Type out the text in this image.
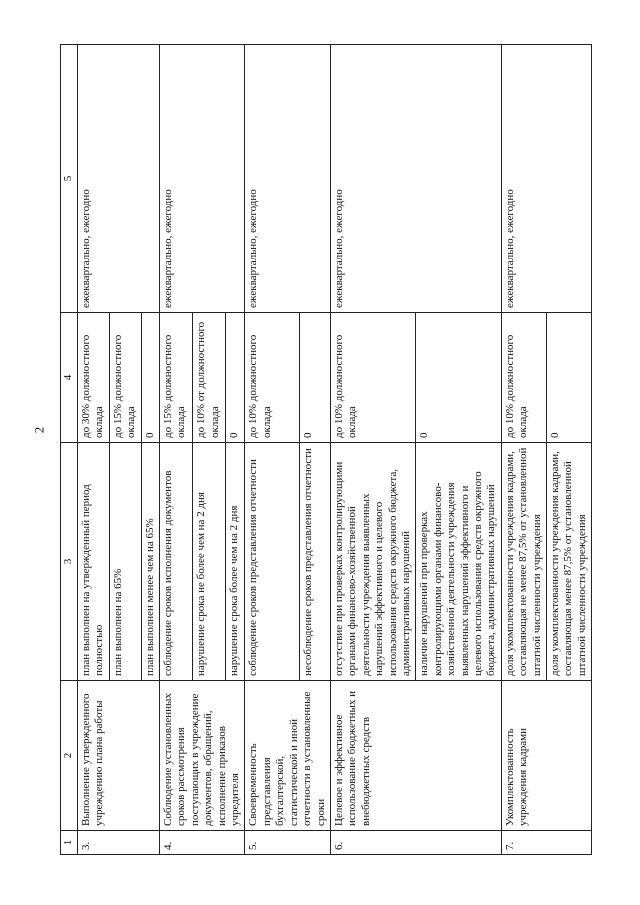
2
1	2	3	4	5
3.	Выполнение утвержденного учреждению плана работы	план выполнен на утвержденный период полностью	до 30% должностного оклада	ежеквартально, ежегодно
		план выполнен на 65%	до 15% должностного оклада	
		план выполнен менее чем на 65%	0	
4.	Соблюдение установленных сроков рассмотрения поступающих в учреждение документов, обращений, исполнение приказов учредителя	соблюдение сроков исполнения документов	до 15% должностного оклада	ежеквартально, ежегодно
		нарушение срока не более чем на 2 дня	до 10% от должностного оклада	
		нарушение срока более чем на 2 дня	0	
5.	Своевременность представления бухгалтерской, статистической и иной отчетности в установленные сроки	соблюдение сроков представления отчетности	до 10% должностного оклада	ежеквартально, ежегодно
		несоблюдение сроков представления отчетности	0	
6.	Целевое и эффективное использование бюджетных и внебюджетных средств	отсутствие при проверках контролирующими органами финансово-хозяйственной деятельности учреждения выявленных нарушений эффективного и целевого использования средств окружного бюджета, административных нарушений	до 10% должностного оклада	ежеквартально, ежегодно
		наличие нарушений при проверках контролирующими органами финансово-хозяйственной деятельности учреждения выявленных нарушений эффективного и целевого использования средств окружного бюджета, административных нарушений	0	
7.	Укомплектованность учреждения кадрами	доля укомплектованности учреждения кадрами, составляющая не менее 87,5% от установленной штатной численности учреждения	до 10% должностного оклада	ежеквартально, ежегодно
		доля укомплектованности учреждения кадрами, составляющая менее 87,5% от установленной штатной численности учреждения	0	
